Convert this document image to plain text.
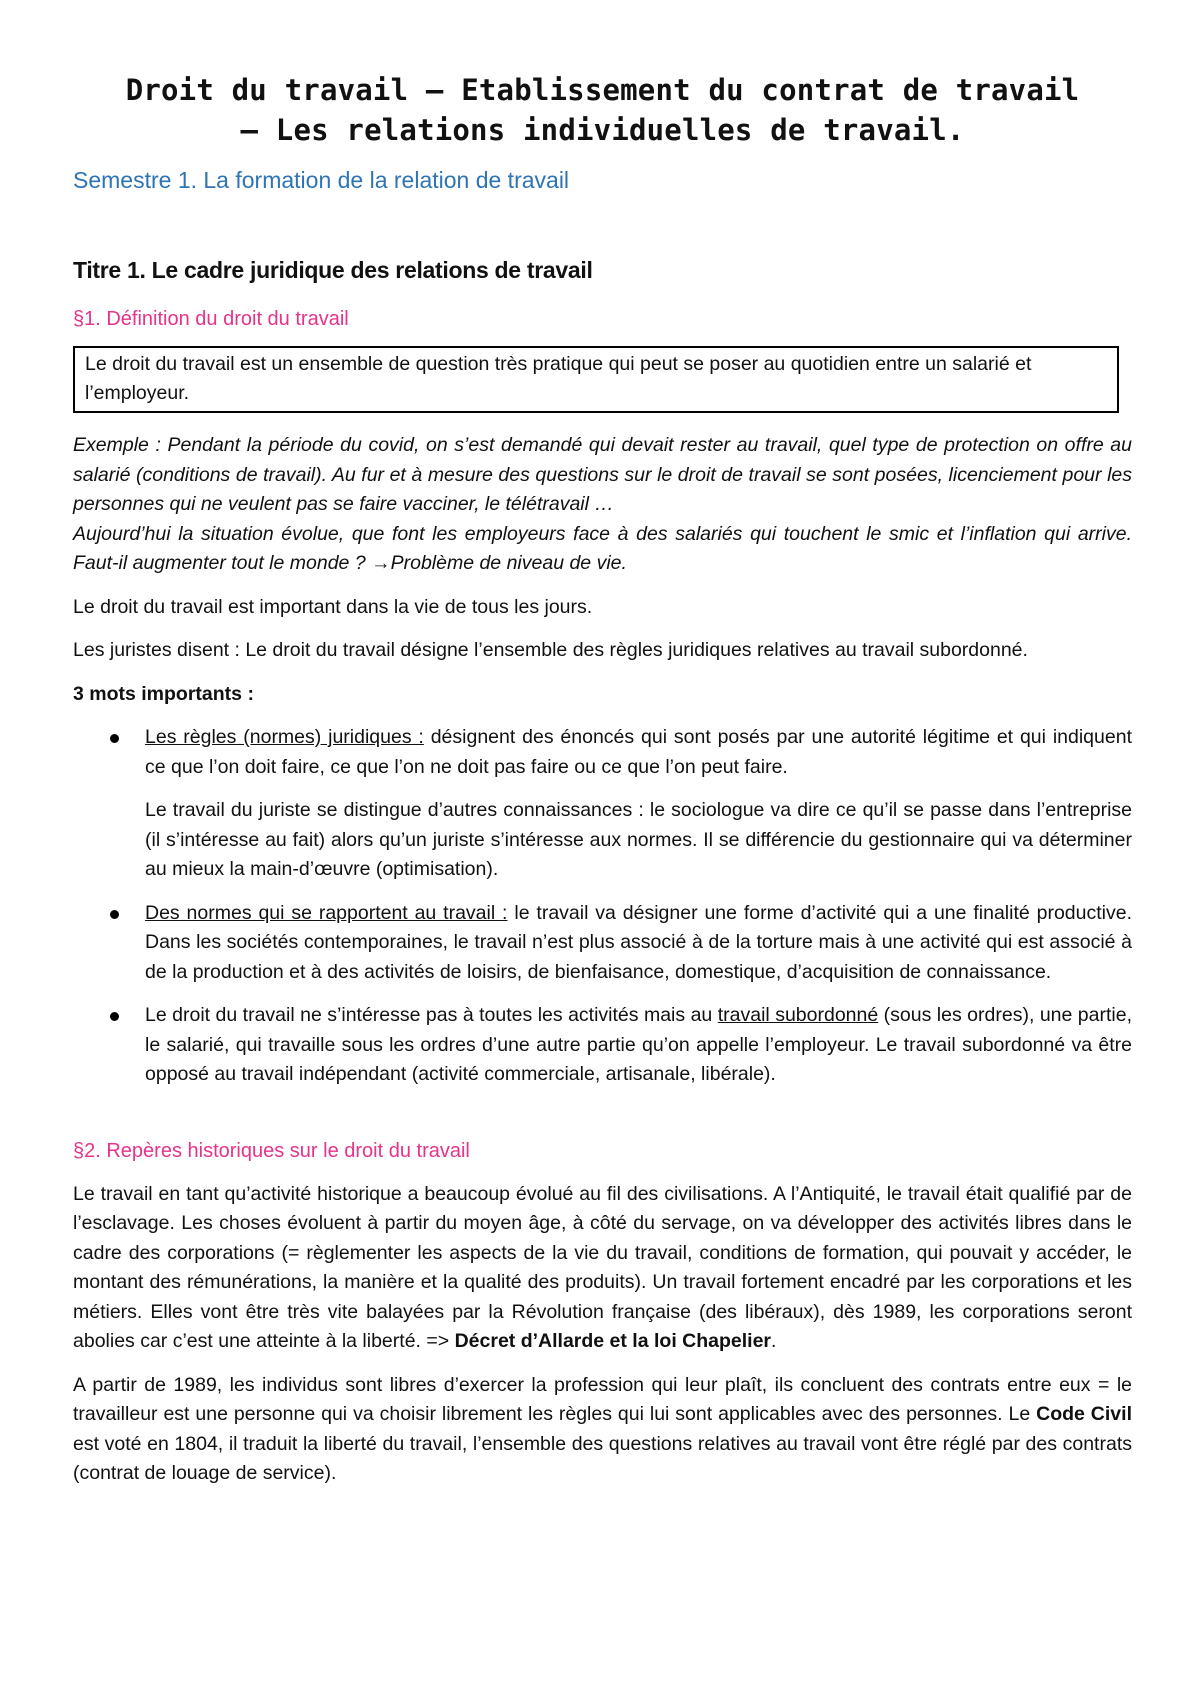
Droit du travail – Etablissement du contrat de travail
– Les relations individuelles de travail.
Semestre 1. La formation de la relation de travail
Titre 1. Le cadre juridique des relations de travail
§1. Définition du droit du travail
Le droit du travail est un ensemble de question très pratique qui peut se poser au quotidien entre un salarié et l’employeur.

Exemple : Pendant la période du covid, on s’est demandé qui devait rester au travail, quel type de protection on offre au salarié (conditions de travail). Au fur et à mesure des questions sur le droit de travail se sont posées, licenciement pour les personnes qui ne veulent pas se faire vacciner, le télétravail …

Aujourd’hui la situation évolue, que font les employeurs face à des salariés qui touchent le smic et l’inflation qui arrive. Faut-il augmenter tout le monde ? →Problème de niveau de vie.

Le droit du travail est important dans la vie de tous les jours.

Les juristes disent : Le droit du travail désigne l’ensemble des règles juridiques relatives au travail subordonné.

3 mots importants :

Les règles (normes) juridiques : désignent des énoncés qui sont posés par une autorité légitime et qui indiquent ce que l’on doit faire, ce que l’on ne doit pas faire ou ce que l’on peut faire.

Le travail du juriste se distingue d’autres connaissances : le sociologue va dire ce qu’il se passe dans l’entreprise (il s’intéresse au fait) alors qu’un juriste s’intéresse aux normes. Il se différencie du gestionnaire qui va déterminer au mieux la main-d’œuvre (optimisation).

Des normes qui se rapportent au travail : le travail va désigner une forme d’activité qui a une finalité productive. Dans les sociétés contemporaines, le travail n’est plus associé à de la torture mais à une activité qui est associé à de la production et à des activités de loisirs, de bienfaisance, domestique, d’acquisition de connaissance.
Le droit du travail ne s’intéresse pas à toutes les activités mais au travail subordonné (sous les ordres), une partie, le salarié, qui travaille sous les ordres d’une autre partie qu’on appelle l’employeur. Le travail subordonné va être opposé au travail indépendant (activité commerciale, artisanale, libérale).
§2. Repères historiques sur le droit du travail

Le travail en tant qu’activité historique a beaucoup évolué au fil des civilisations. A l’Antiquité, le travail était qualifié par de l’esclavage. Les choses évoluent à partir du moyen âge, à côté du servage, on va développer des activités libres dans le cadre des corporations (= règlementer les aspects de la vie du travail, conditions de formation, qui pouvait y accéder, le montant des rémunérations, la manière et la qualité des produits). Un travail fortement encadré par les corporations et les métiers. Elles vont être très vite balayées par la Révolution française (des libéraux), dès 1989, les corporations seront abolies car c’est une atteinte à la liberté. => Décret d’Allarde et la loi Chapelier.

A partir de 1989, les individus sont libres d’exercer la profession qui leur plaît, ils concluent des contrats entre eux = le travailleur est une personne qui va choisir librement les règles qui lui sont applicables avec des personnes. Le Code Civil est voté en 1804, il traduit la liberté du travail, l’ensemble des questions relatives au travail vont être réglé par des contrats (contrat de louage de service).
